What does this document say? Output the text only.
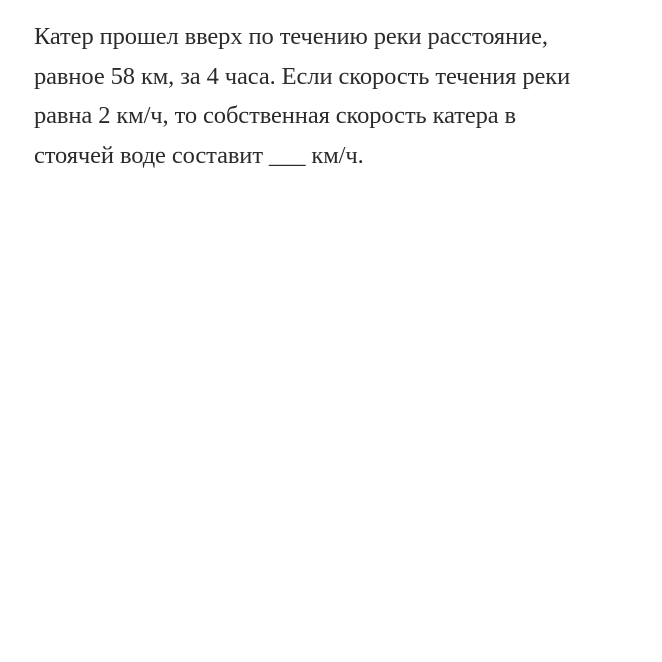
Катер прошел вверх по течению реки расстояние,
равное 58 км, за 4 часа. Если скорость течения реки
равна 2 км/ч, то собственная скорость катера в
стоячей воде составит ___ км/ч.
